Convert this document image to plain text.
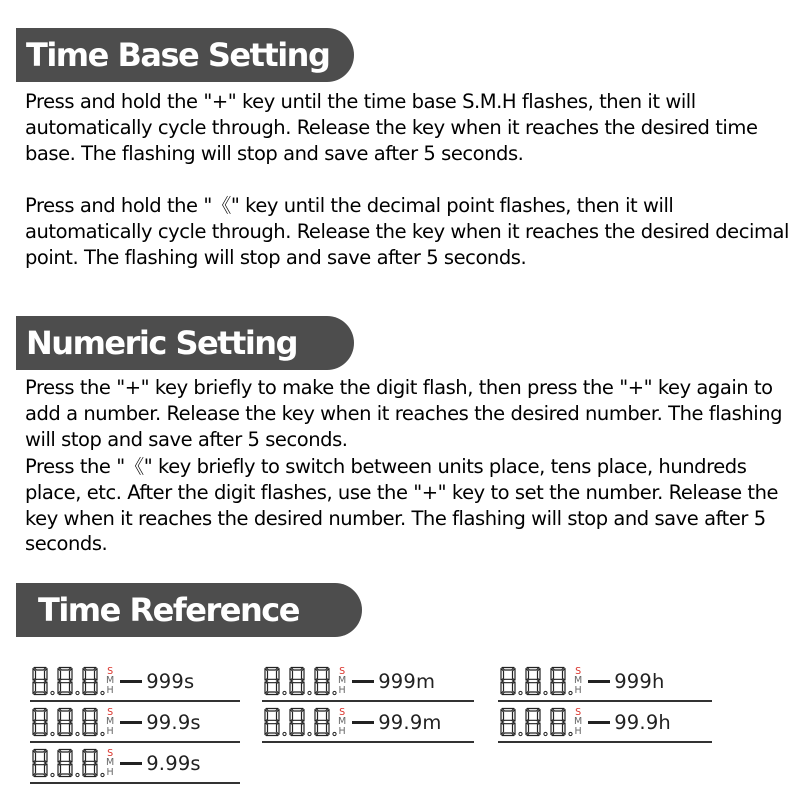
Time Base Setting

Press and hold the "+" key until the time base S.M.H flashes, then it will automatically cycle through. Release the key when it reaches the desired time base. The flashing will stop and save after 5 seconds.

Press and hold the "《" key until the decimal point flashes, then it will automatically cycle through. Release the key when it reaches the desired decimal point. The flashing will stop and save after 5 seconds.

Numeric Setting

Press the "+" key briefly to make the digit flash, then press the "+" key again to add a number. Release the key when it reaches the desired number. The flashing will stop and save after 5 seconds.

Press the "《" key briefly to switch between units place, tens place, hundreds place, etc. After the digit flashes, use the "+" key to set the number. Release the key when it reaches the desired number. The flashing will stop and save after 5 seconds.

Time Reference
S
M
H 999s
S
M
H 99.9s
S
M
H 9.99s
S
M
H 999m
S
M
H 99.9m
S
M
H 999h
S
M
H 99.9h
